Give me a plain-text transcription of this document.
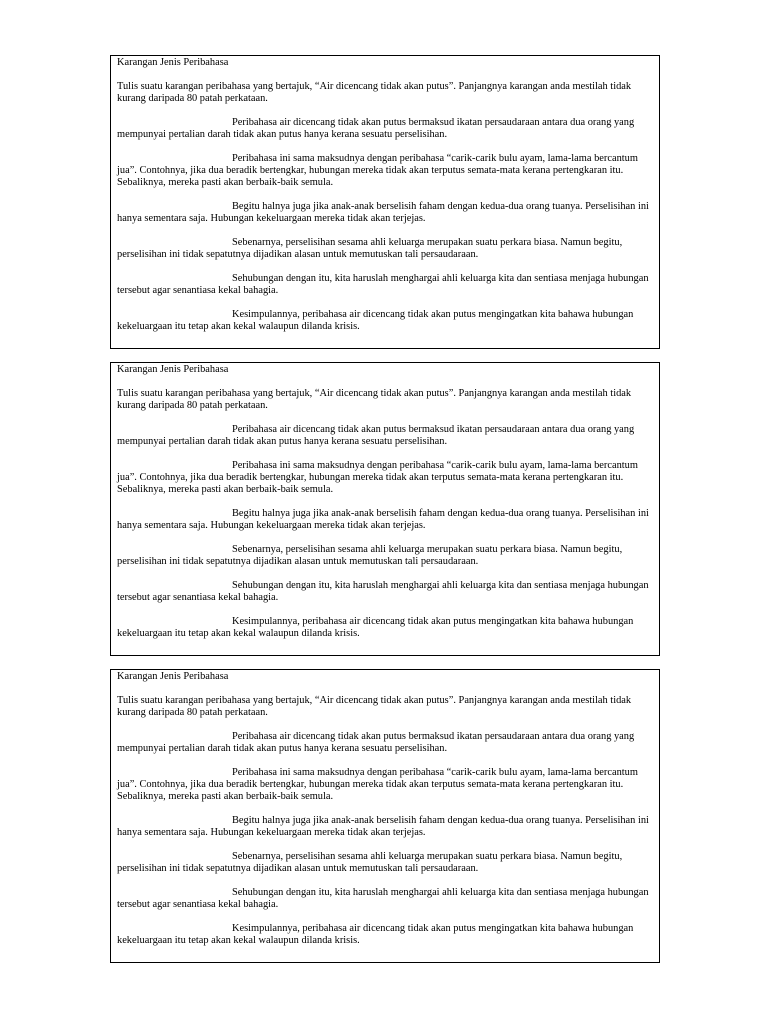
Karangan Jenis Peribahasa

Tulis suatu karangan peribahasa yang bertajuk, “Air dicencang tidak akan putus”. Panjangnya karangan anda mestilah tidak kurang daripada 80 patah perkataan.

Peribahasa air dicencang tidak akan putus bermaksud ikatan persaudaraan antara dua orang yang mempunyai pertalian darah tidak akan putus hanya kerana sesuatu perselisihan.

Peribahasa ini sama maksudnya dengan peribahasa “carik-carik bulu ayam, lama-lama bercantum jua”. Contohnya, jika dua beradik bertengkar, hubungan mereka tidak akan terputus semata-mata kerana pertengkaran itu. Sebaliknya, mereka pasti akan berbaik-baik semula.

Begitu halnya juga jika anak-anak berselisih faham dengan kedua-dua orang tuanya. Perselisihan ini hanya sementara saja. Hubungan kekeluargaan mereka tidak akan terjejas.

Sebenarnya, perselisihan sesama ahli keluarga merupakan suatu perkara biasa. Namun begitu, perselisihan ini tidak sepatutnya dijadikan alasan untuk memutuskan tali persaudaraan.

Sehubungan dengan itu, kita haruslah menghargai ahli keluarga kita dan sentiasa menjaga hubungan tersebut agar senantiasa kekal bahagia.

Kesimpulannya, peribahasa air dicencang tidak akan putus mengingatkan kita bahawa hubungan kekeluargaan itu tetap akan kekal walaupun dilanda krisis.

Karangan Jenis Peribahasa

Tulis suatu karangan peribahasa yang bertajuk, “Air dicencang tidak akan putus”. Panjangnya karangan anda mestilah tidak kurang daripada 80 patah perkataan.

Peribahasa air dicencang tidak akan putus bermaksud ikatan persaudaraan antara dua orang yang mempunyai pertalian darah tidak akan putus hanya kerana sesuatu perselisihan.

Peribahasa ini sama maksudnya dengan peribahasa “carik-carik bulu ayam, lama-lama bercantum jua”. Contohnya, jika dua beradik bertengkar, hubungan mereka tidak akan terputus semata-mata kerana pertengkaran itu. Sebaliknya, mereka pasti akan berbaik-baik semula.

Begitu halnya juga jika anak-anak berselisih faham dengan kedua-dua orang tuanya. Perselisihan ini hanya sementara saja. Hubungan kekeluargaan mereka tidak akan terjejas.

Sebenarnya, perselisihan sesama ahli keluarga merupakan suatu perkara biasa. Namun begitu, perselisihan ini tidak sepatutnya dijadikan alasan untuk memutuskan tali persaudaraan.

Sehubungan dengan itu, kita haruslah menghargai ahli keluarga kita dan sentiasa menjaga hubungan tersebut agar senantiasa kekal bahagia.

Kesimpulannya, peribahasa air dicencang tidak akan putus mengingatkan kita bahawa hubungan kekeluargaan itu tetap akan kekal walaupun dilanda krisis.

Karangan Jenis Peribahasa

Tulis suatu karangan peribahasa yang bertajuk, “Air dicencang tidak akan putus”. Panjangnya karangan anda mestilah tidak kurang daripada 80 patah perkataan.

Peribahasa air dicencang tidak akan putus bermaksud ikatan persaudaraan antara dua orang yang mempunyai pertalian darah tidak akan putus hanya kerana sesuatu perselisihan.

Peribahasa ini sama maksudnya dengan peribahasa “carik-carik bulu ayam, lama-lama bercantum jua”. Contohnya, jika dua beradik bertengkar, hubungan mereka tidak akan terputus semata-mata kerana pertengkaran itu. Sebaliknya, mereka pasti akan berbaik-baik semula.

Begitu halnya juga jika anak-anak berselisih faham dengan kedua-dua orang tuanya. Perselisihan ini hanya sementara saja. Hubungan kekeluargaan mereka tidak akan terjejas.

Sebenarnya, perselisihan sesama ahli keluarga merupakan suatu perkara biasa. Namun begitu, perselisihan ini tidak sepatutnya dijadikan alasan untuk memutuskan tali persaudaraan.

Sehubungan dengan itu, kita haruslah menghargai ahli keluarga kita dan sentiasa menjaga hubungan tersebut agar senantiasa kekal bahagia.

Kesimpulannya, peribahasa air dicencang tidak akan putus mengingatkan kita bahawa hubungan kekeluargaan itu tetap akan kekal walaupun dilanda krisis.
